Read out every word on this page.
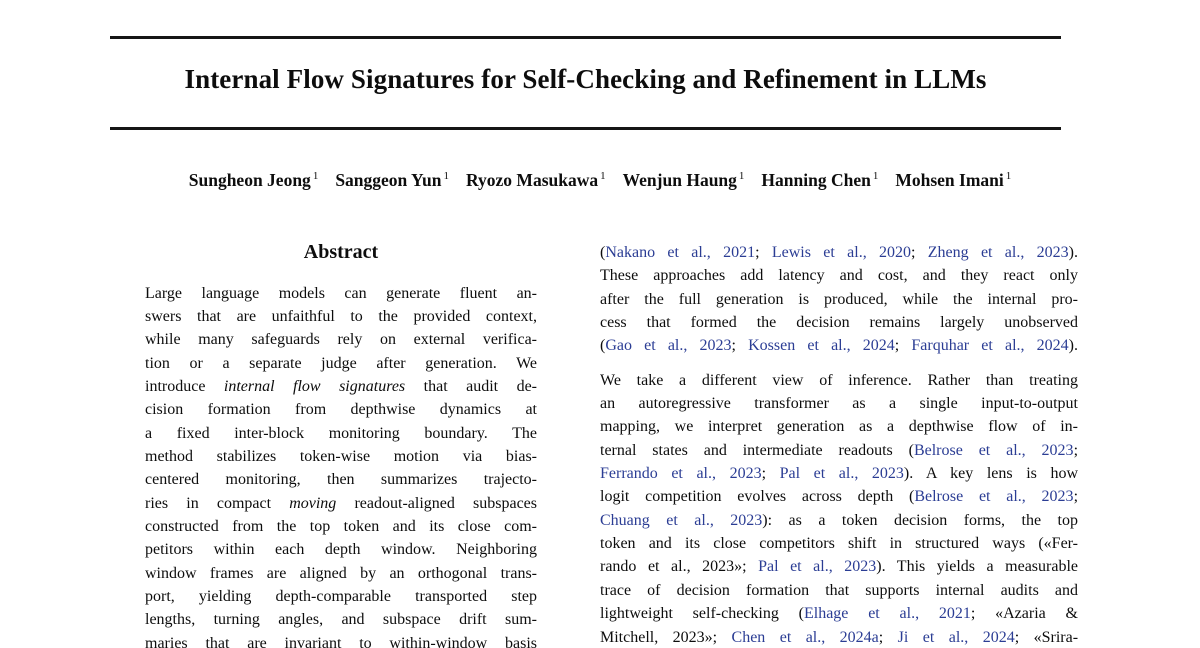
Internal Flow Signatures for Self-Checking and Refinement in LLMs
Sungheon Jeong $^1$ Sanggeon Yun $^1$ Ryozo Masukawa $^1$ Wenjun Haung $^1$ Hanning Chen $^1$ Mohsen Imani $^1$
Abstract
Large language models can generate fluent an-
swers that are unfaithful to the provided context,
while many safeguards rely on external verifica-
tion or a separate judge after generation. We
introduce internal flow signatures that audit de-
cision formation from depthwise dynamics at
a fixed inter-block monitoring boundary. The
method stabilizes token-wise motion via bias-
centered monitoring, then summarizes trajecto-
ries in compact moving readout-aligned subspaces
constructed from the top token and its close com-
petitors within each depth window. Neighboring
window frames are aligned by an orthogonal trans-
port, yielding depth-comparable transported step
lengths, turning angles, and subspace drift sum-
maries that are invariant to within-window basis
(Nakano et al., 2021; Lewis et al., 2020; Zheng et al., 2023).
These approaches add latency and cost, and they react only
after the full generation is produced, while the internal pro-
cess that formed the decision remains largely unobserved
(Gao et al., 2023; Kossen et al., 2024; Farquhar et al., 2024).
We take a different view of inference. Rather than treating
an autoregressive transformer as a single input-to-output
mapping, we interpret generation as a depthwise flow of in-
ternal states and intermediate readouts (Belrose et al., 2023;
Ferrando et al., 2023; Pal et al., 2023). A key lens is how
logit competition evolves across depth (Belrose et al., 2023;
Chuang et al., 2023): as a token decision forms, the top
token and its close competitors shift in structured ways («Fer-
rando et al., 2023»; Pal et al., 2023). This yields a measurable
trace of decision formation that supports internal audits and
lightweight self-checking (Elhage et al., 2021; «Azaria &
Mitchell, 2023»; Chen et al., 2024a; Ji et al., 2024; «Srira-
